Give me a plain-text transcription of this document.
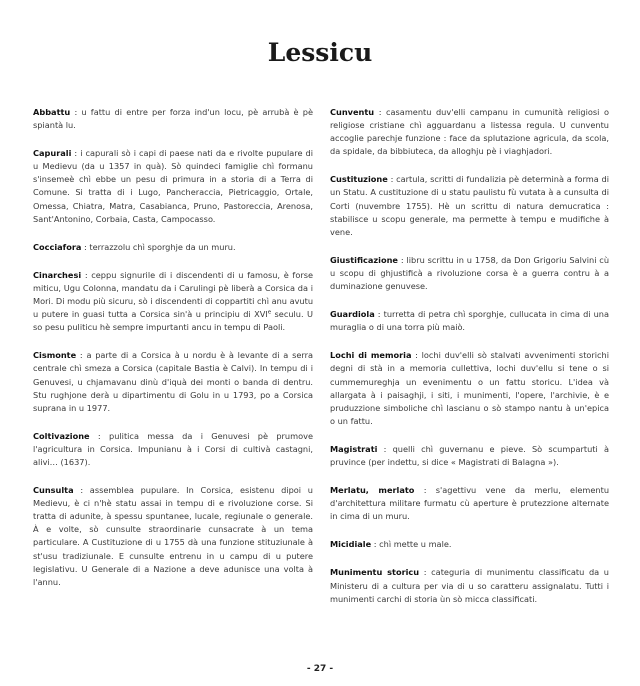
Lessicu
Abbattu : u fattu di entre per forza ind'un locu, pè arrubà è pè spiantà lu.
Capurali : i capurali sò i capi di paese nati da e rivolte pupulare di u Medievu (da u 1357 in quà). Sò quindeci famiglie chì formanu s'insemeè chì ebbe un pesu di primura in a storia di a Terra di Comune. Si tratta di i Lugo, Pancheraccia, Pietricaggio, Ortale, Omessa, Chiatra, Matra, Casabianca, Pruno, Pastoreccia, Arenosa, Sant'Antonino, Corbaia, Casta, Campocasso.
Cocciafora : terrazzolu chì sporghje da un muru.
Cinarchesi : ceppu signurile di i discendenti di u famosu, è forse miticu, Ugu Colonna, mandatu da i Carulingi pè liberà a Corsica da i Mori. Di modu più sicuru, sò i discendenti di coppartiti chì anu avutu u putere in guasi tutta a Corsica sin'à u principiu di XVIe seculu. U so pesu puliticu hè sempre impurtanti ancu in tempu di Paoli.
Cismonte : a parte di a Corsica à u nordu è à levante di a serra centrale chì smeza a Corsica (capitale Bastia è Calvi). In tempu di i Genuvesi, u chjamavanu dinù d'iquà dei monti o banda di dentru. Stu rughjone derà u dipartimentu di Golu in u 1793, po a Corsica suprana in u 1977.
Coltivazione : pulitica messa da i Genuvesi pè prumove l'agricultura in Corsica. Impunianu à i Corsi di cultivà castagni, alivi… (1637).
Cunsulta : assemblea pupulare. In Corsica, esistenu dipoi u Medievu, è ci n'hè statu assai in tempu di e rivoluzione corse. Si tratta di adunite, à spessu spuntanee, lucale, regiunale o generale. À e volte, sò cunsulte straordinarie cunsacrate à un tema particulare. A Custituzione di u 1755 dà una funzione stituziunale à st'usu tradiziunale. E cunsulte entrenu in u campu di u putere legislativu. U Generale di a Nazione a deve adunisce una volta à l'annu.
Cunventu : casamentu duv'elli campanu in cumunità religiosi o religiose cristiane chì agguardanu a listessa regula. U cunventu accoglie parechje funzione : face da splutazione agricula, da scola, da spidale, da bibbiuteca, da alloghju pè i viaghjadori.
Custituzione : cartula, scritti di fundalizia pè determinà a forma di un Statu. A custituzione di u statu paulistu fù vutata à a cunsulta di Corti (nuvembre 1755). Hè un scrittu di natura demucratica : stabilisce u scopu generale, ma permette à tempu e mudifiche à vene.
Giustificazione : libru scrittu in u 1758, da Don Grigoriu Salvini cù u scopu di ghjustificà a rivoluzione corsa è a guerra contru à a duminazione genuvese.
Guardiola : turretta di petra chì sporghje, cullucata in cima di una muraglia o di una torra più maiò.
Lochi di memoria : lochi duv'elli sò stalvati avvenimenti storichi degni di stà in a memoria cullettiva, lochi duv'ellu si tene o si cummemureghja un evenimentu o un fattu storicu. L'idea và allargata à i paisaghji, i siti, i munimenti, l'opere, l'archivie, è e pruduzzione simboliche chì lascianu o sò stampo nantu à un'epica o un fattu.
Magistrati : quelli chì guvernanu e pieve. Sò scumpartuti à pruvince (per indettu, si dice « Magistrati di Balagna »).
Merlatu, merlato : s'agettivu vene da merlu, elementu d'architettura militare furmatu cù aperture è prutezzione alternate in cima di un muru.
Micidiale : chì mette u male.
Munimentu storicu : categuria di munimentu classificatu da u Ministeru di a cultura per via di u so caratteru assignalatu. Tutti i munimenti carchi di storia ùn sò micca classificati.
- 27 -
